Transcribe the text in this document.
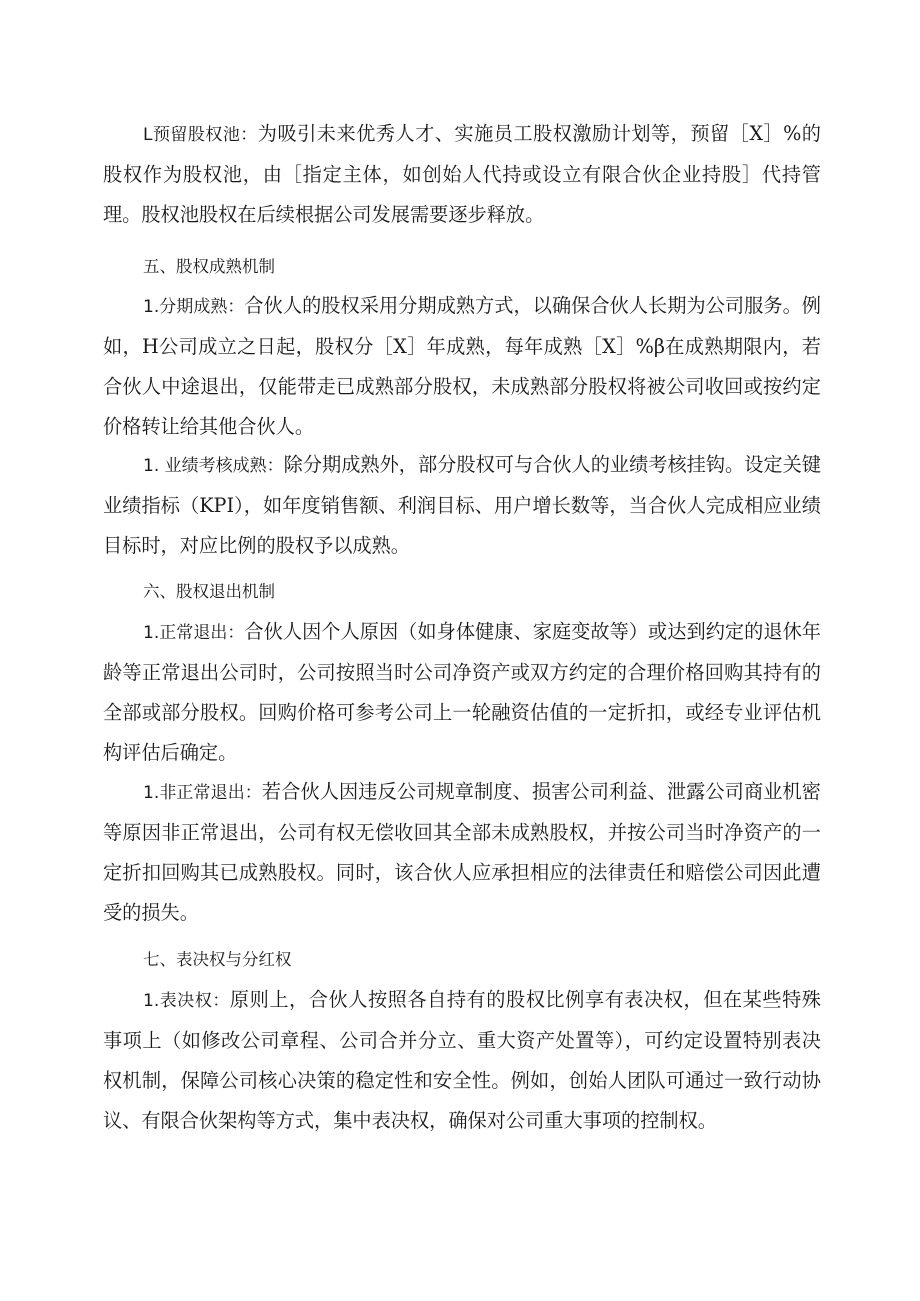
L预留股权池：为吸引未来优秀人才、实施员工股权激励计划等，预留［X］%的股权作为股权池，由［指定主体，如创始人代持或设立有限合伙企业持股］代持管理。股权池股权在后续根据公司发展需要逐步释放。

五、股权成熟机制

1.分期成熟：合伙人的股权采用分期成熟方式，以确保合伙人长期为公司服务。例如，H公司成立之日起，股权分［X］年成熟，每年成熟［X］%β在成熟期限内，若合伙人中途退出，仅能带走已成熟部分股权，未成熟部分股权将被公司收回或按约定价格转让给其他合伙人。

1. 业绩考核成熟：除分期成熟外，部分股权可与合伙人的业绩考核挂钩。设定关键业绩指标（KPI），如年度销售额、利润目标、用户增长数等，当合伙人完成相应业绩目标时，对应比例的股权予以成熟。

六、股权退出机制

1.正常退出：合伙人因个人原因（如身体健康、家庭变故等）或达到约定的退休年龄等正常退出公司时，公司按照当时公司净资产或双方约定的合理价格回购其持有的全部或部分股权。回购价格可参考公司上一轮融资估值的一定折扣，或经专业评估机构评估后确定。

1.非正常退出：若合伙人因违反公司规章制度、损害公司利益、泄露公司商业机密等原因非正常退出，公司有权无偿收回其全部未成熟股权，并按公司当时净资产的一定折扣回购其已成熟股权。同时，该合伙人应承担相应的法律责任和赔偿公司因此遭受的损失。

七、表决权与分红权

1.表决权：原则上，合伙人按照各自持有的股权比例享有表决权，但在某些特殊事项上（如修改公司章程、公司合并分立、重大资产处置等），可约定设置特别表决权机制，保障公司核心决策的稳定性和安全性。例如，创始人团队可通过一致行动协议、有限合伙架构等方式，集中表决权，确保对公司重大事项的控制权。
